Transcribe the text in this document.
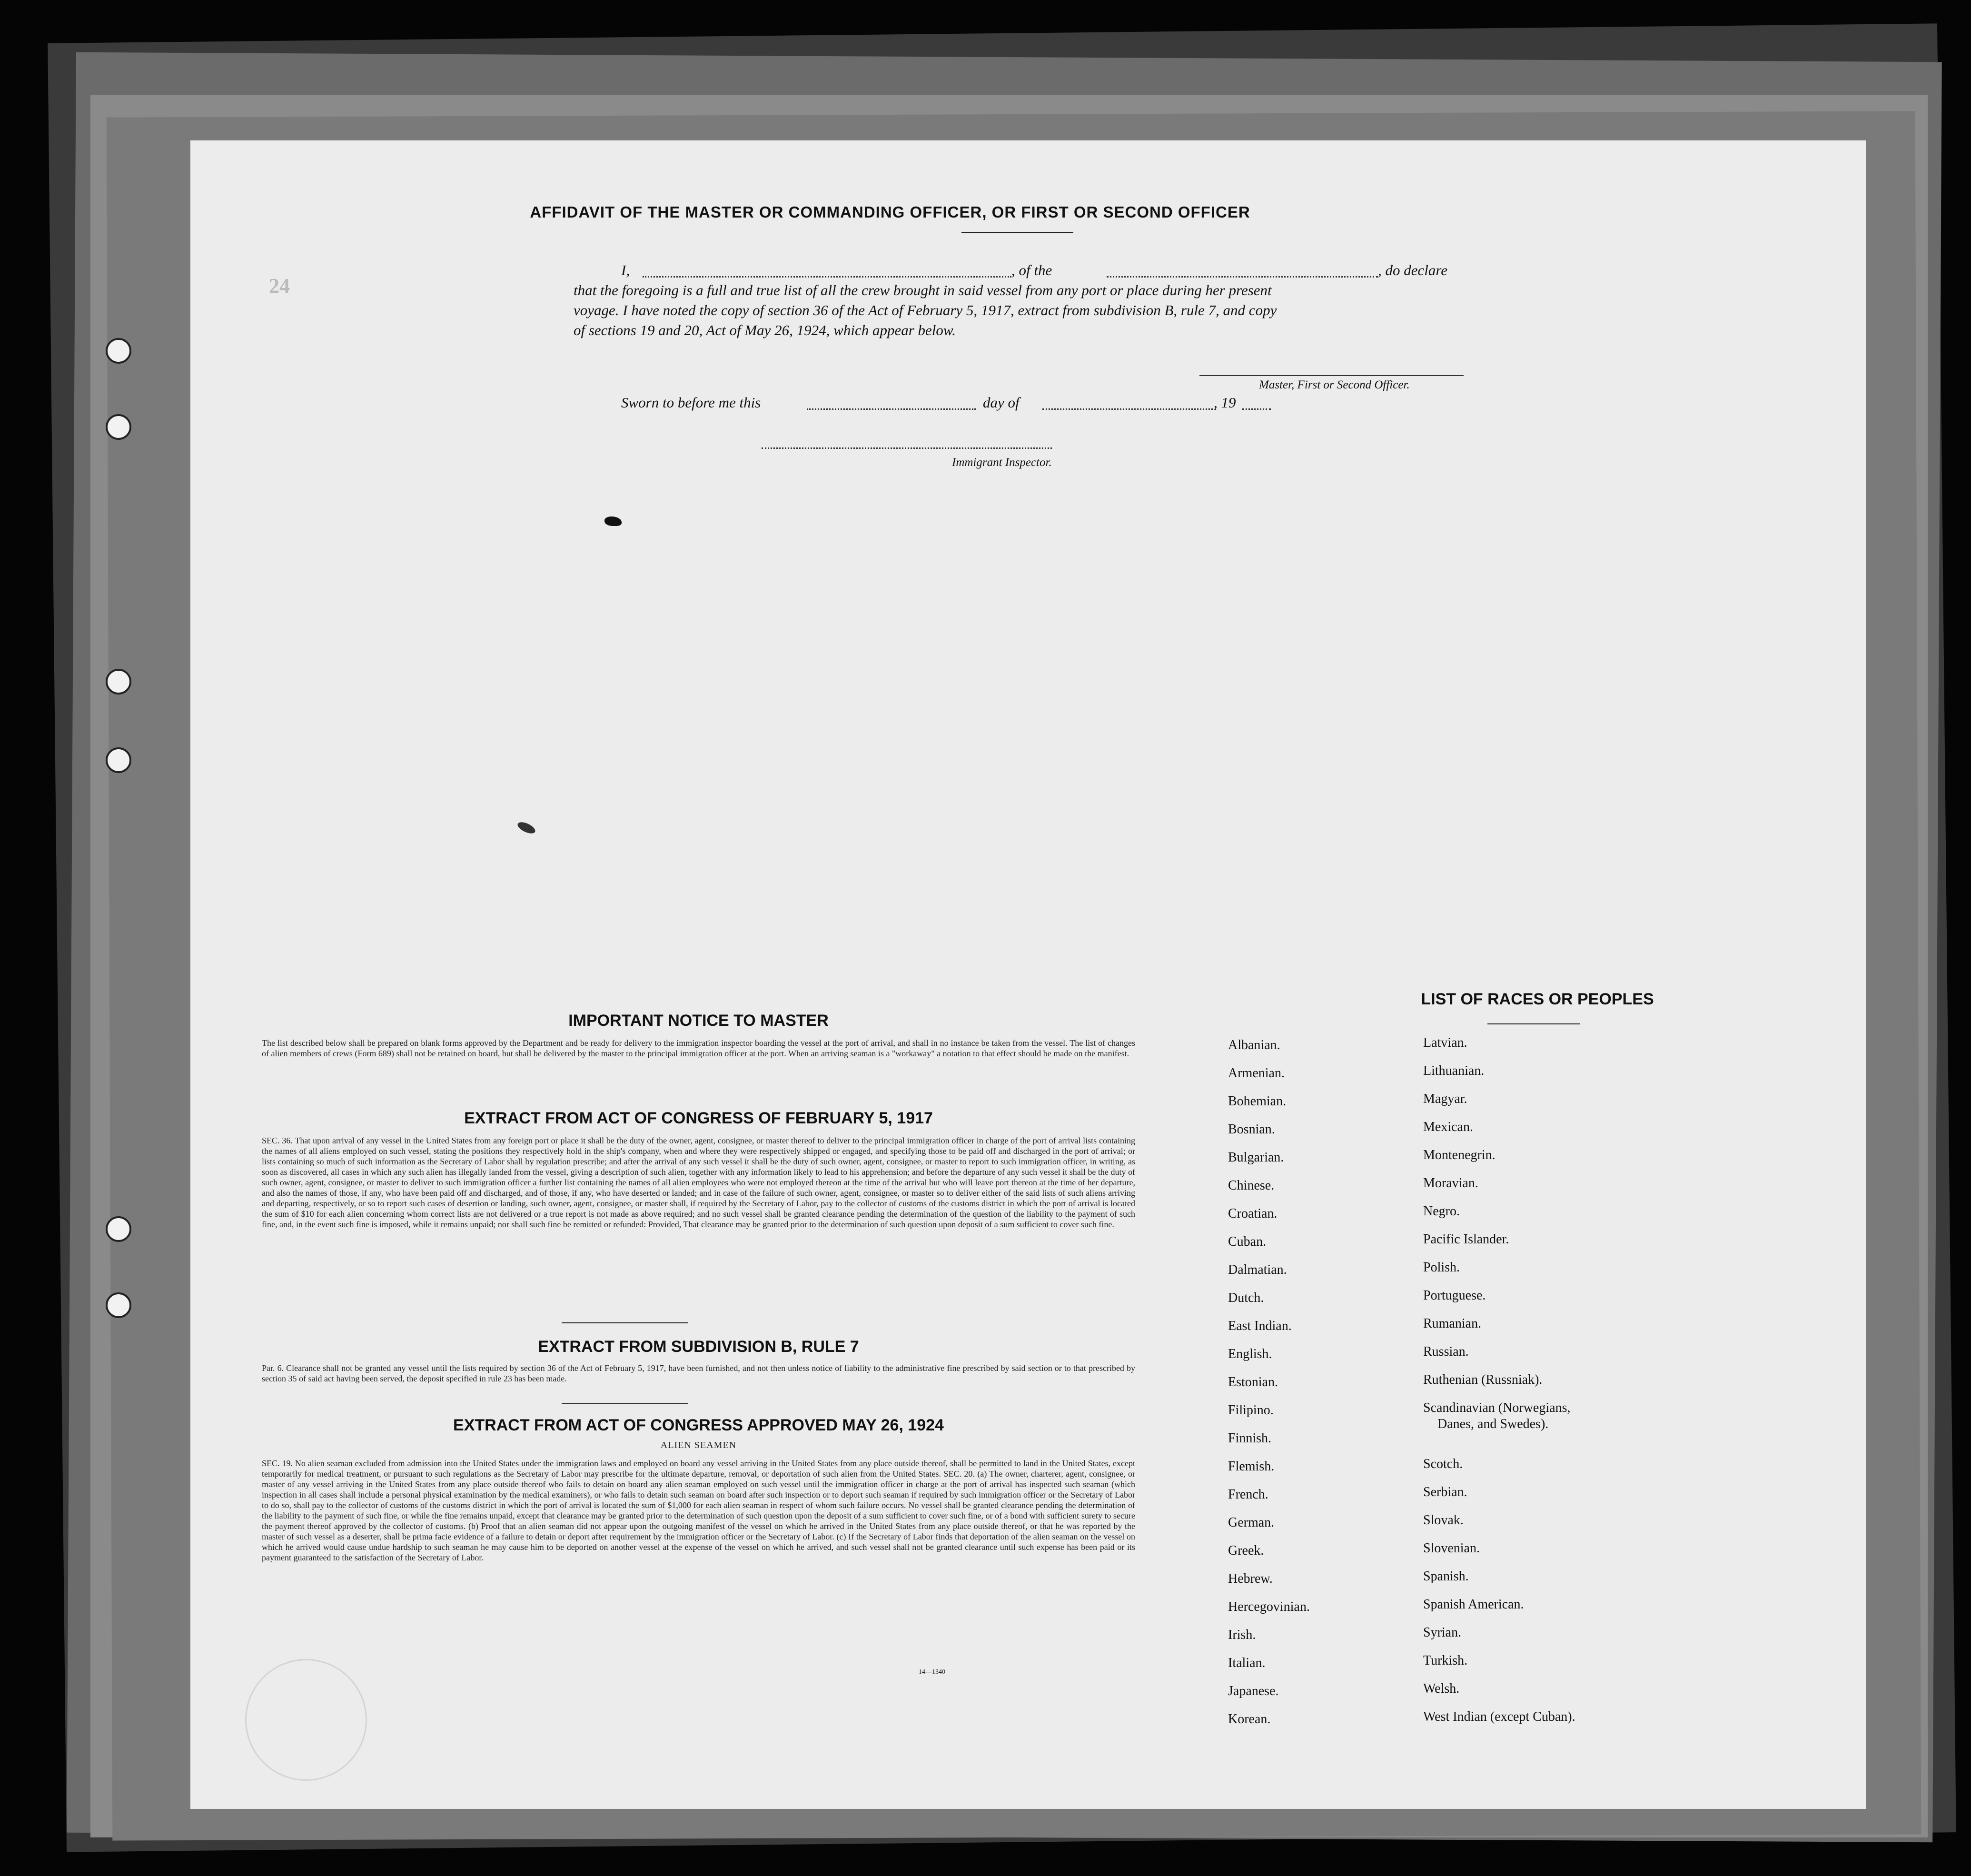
24
AFFIDAVIT OF THE MASTER OR COMMANDING OFFICER, OR FIRST OR SECOND OFFICER
I,	, of the	, do declare
that the foregoing is a full and true list of all the crew brought in said vessel from any port or place during her present
voyage. I have noted the copy of section 36 of the Act of February 5, 1917, extract from subdivision B, rule 7, and copy
of sections 19 and 20, Act of May 26, 1924, which appear below.
Master, First or Second Officer.
Sworn to before me this	day of	, 19
Immigrant Inspector.
IMPORTANT NOTICE TO MASTER
The list described below shall be prepared on blank forms approved by the Department and be ready for delivery to the immigration inspector boarding the vessel at the port of arrival, and shall in no instance be taken from the vessel. The list of changes of alien members of crews (Form 689) shall not be retained on board, but shall be delivered by the master to the principal immigration officer at the port. When an arriving seaman is a "workaway" a notation to that effect should be made on the manifest.
EXTRACT FROM ACT OF CONGRESS OF FEBRUARY 5, 1917
SEC. 36. That upon arrival of any vessel in the United States from any foreign port or place it shall be the duty of the owner, agent, consignee, or master thereof to deliver to the principal immigration officer in charge of the port of arrival lists containing the names of all aliens employed on such vessel, stating the positions they respectively hold in the ship's company, when and where they were respectively shipped or engaged, and specifying those to be paid off and discharged in the port of arrival; or lists containing so much of such information as the Secretary of Labor shall by regulation prescribe; and after the arrival of any such vessel it shall be the duty of such owner, agent, consignee, or master to report to such immigration officer, in writing, as soon as discovered, all cases in which any such alien has illegally landed from the vessel, giving a description of such alien, together with any information likely to lead to his apprehension; and before the departure of any such vessel it shall be the duty of such owner, agent, consignee, or master to deliver to such immigration officer a further list containing the names of all alien employees who were not employed thereon at the time of the arrival but who will leave port thereon at the time of her departure, and also the names of those, if any, who have been paid off and discharged, and of those, if any, who have deserted or landed; and in case of the failure of such owner, agent, consignee, or master so to deliver either of the said lists of such aliens arriving and departing, respectively, or so to report such cases of desertion or landing, such owner, agent, consignee, or master shall, if required by the Secretary of Labor, pay to the collector of customs of the customs district in which the port of arrival is located the sum of $10 for each alien concerning whom correct lists are not delivered or a true report is not made as above required; and no such vessel shall be granted clearance pending the determination of the question of the liability to the payment of such fine, and, in the event such fine is imposed, while it remains unpaid; nor shall such fine be remitted or refunded: Provided, That clearance may be granted prior to the determination of such question upon deposit of a sum sufficient to cover such fine.
EXTRACT FROM SUBDIVISION B, RULE 7
Par. 6. Clearance shall not be granted any vessel until the lists required by section 36 of the Act of February 5, 1917, have been furnished, and not then unless notice of liability to the administrative fine prescribed by said section or to that prescribed by section 35 of said act having been served, the deposit specified in rule 23 has been made.
EXTRACT FROM ACT OF CONGRESS APPROVED MAY 26, 1924
ALIEN SEAMEN
SEC. 19. No alien seaman excluded from admission into the United States under the immigration laws and employed on board any vessel arriving in the United States from any place outside thereof, shall be permitted to land in the United States, except temporarily for medical treatment, or pursuant to such regulations as the Secretary of Labor may prescribe for the ultimate departure, removal, or deportation of such alien from the United States. SEC. 20. (a) The owner, charterer, agent, consignee, or master of any vessel arriving in the United States from any place outside thereof who fails to detain on board any alien seaman employed on such vessel until the immigration officer in charge at the port of arrival has inspected such seaman (which inspection in all cases shall include a personal physical examination by the medical examiners), or who fails to detain such seaman on board after such inspection or to deport such seaman if required by such immigration officer or the Secretary of Labor to do so, shall pay to the collector of customs of the customs district in which the port of arrival is located the sum of $1,000 for each alien seaman in respect of whom such failure occurs. No vessel shall be granted clearance pending the determination of the liability to the payment of such fine, or while the fine remains unpaid, except that clearance may be granted prior to the determination of such question upon the deposit of a sum sufficient to cover such fine, or of a bond with sufficient surety to secure the payment thereof approved by the collector of customs. (b) Proof that an alien seaman did not appear upon the outgoing manifest of the vessel on which he arrived in the United States from any place outside thereof, or that he was reported by the master of such vessel as a deserter, shall be prima facie evidence of a failure to detain or deport after requirement by the immigration officer or the Secretary of Labor. (c) If the Secretary of Labor finds that deportation of the alien seaman on the vessel on which he arrived would cause undue hardship to such seaman he may cause him to be deported on another vessel at the expense of the vessel on which he arrived, and such vessel shall not be granted clearance until such expense has been paid or its payment guaranteed to the satisfaction of the Secretary of Labor.
14—1340
LIST OF RACES OR PEOPLES
Albanian.
Armenian.
Bohemian.
Bosnian.
Bulgarian.
Chinese.
Croatian.
Cuban.
Dalmatian.
Dutch.
East Indian.
English.
Estonian.
Filipino.
Finnish.
Flemish.
French.
German.
Greek.
Hebrew.
Hercegovinian.
Irish.
Italian.
Japanese.
Korean.
Latvian.
Lithuanian.
Magyar.
Mexican.
Montenegrin.
Moravian.
Negro.
Pacific Islander.
Polish.
Portuguese.
Rumanian.
Russian.
Ruthenian (Russniak).
Scandinavian (Norwegians,
Danes, and Swedes).
Scotch.
Serbian.
Slovak.
Slovenian.
Spanish.
Spanish American.
Syrian.
Turkish.
Welsh.
West Indian (except Cuban).
